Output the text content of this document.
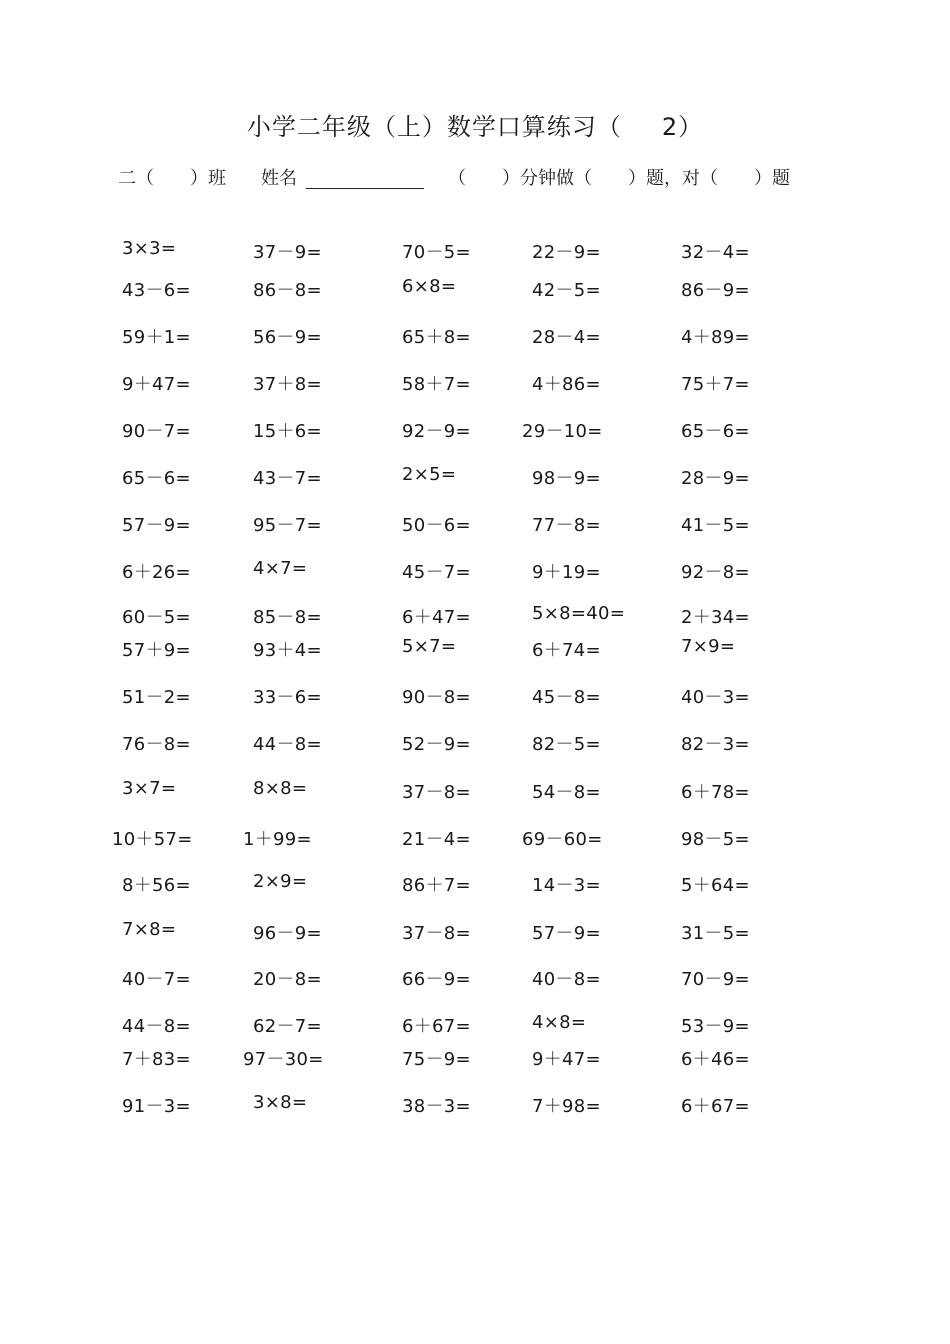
小学二年级（上）数学口算练习（ 2）
二（　　）班 姓名	（　　）分钟做（　　）题，对（　　）题
3×3=	37－9=	70－5=	22－9=	32－4=
43－6=	86－8=	6×8=	42－5=	86－9=
59＋1=	56－9=	65＋8=	28－4=	4＋89=
9＋47=	37＋8=	58＋7=	4＋86=	75＋7=
90－7=	15＋6=	92－9=	29－10=	65－6=
65－6=	43－7=	2×5=	98－9=	28－9=
57－9=	95－7=	50－6=	77－8=	41－5=
6＋26=	4×7=	45－7=	9＋19=	92－8=
60－5=	85－8=	6＋47=	5×8=40=	2＋34=
57＋9=	93＋4=	5×7=	6＋74=	7×9=
51－2=	33－6=	90－8=	45－8=	40－3=
76－8=	44－8=	52－9=	82－5=	82－3=
3×7=	8×8=	37－8=	54－8=	6＋78=
10＋57=	1＋99=	21－4=	69－60=	98－5=
8＋56=	2×9=	86＋7=	14－3=	5＋64=
7×8=	96－9=	37－8=	57－9=	31－5=
40－7=	20－8=	66－9=	40－8=	70－9=
44－8=	62－7=	6＋67=	4×8=	53－9=
7＋83=	97－30=	75－9=	9＋47=	6＋46=
91－3=	3×8=	38－3=	7＋98=	6＋67=
